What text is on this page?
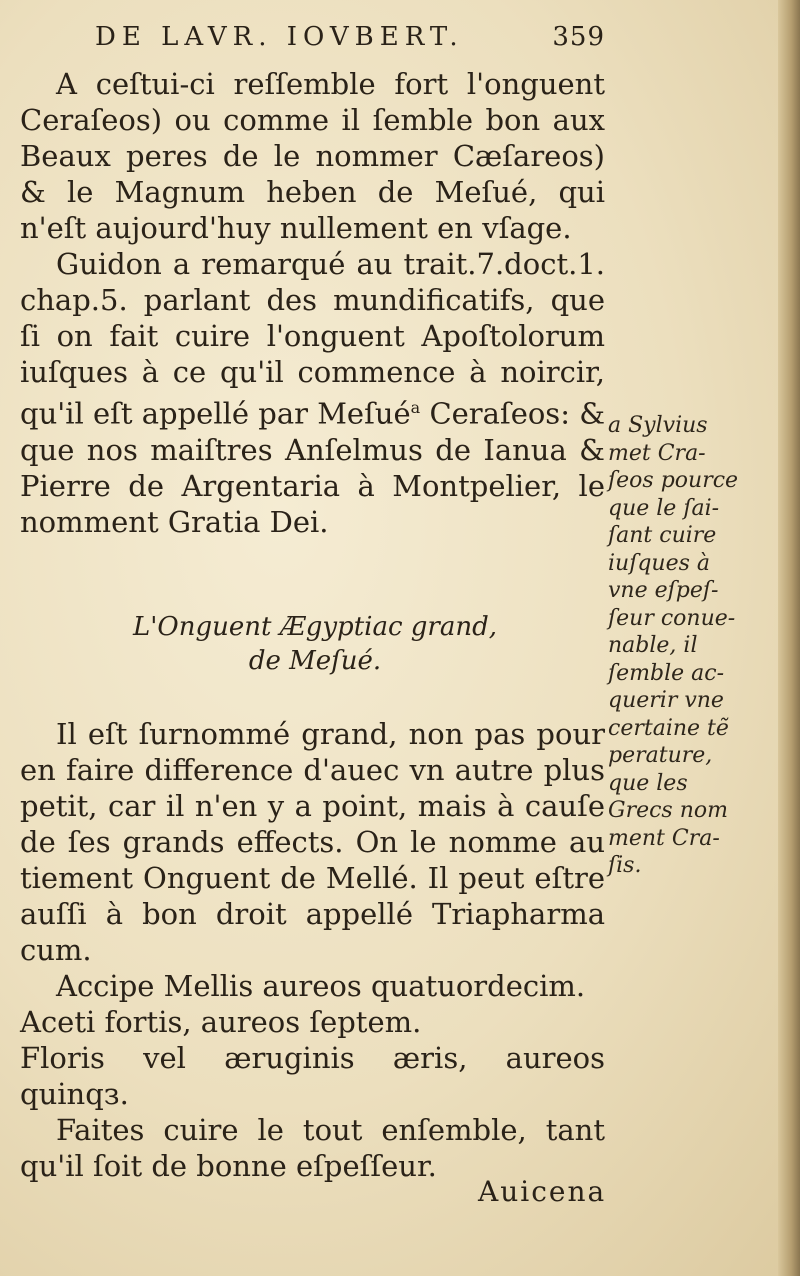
DE LAVR. IOVBERT.	359

A ceſtui-ci reſſemble fort l'onguent Ceraſeos) ou comme il ſemble bon aux Beaux peres de le nommer Cæſareos) & le Magnum heben de Meſué, qui n'eſt aujourd'huy nullement en vſage.

Guidon a remarqué au trait.7.doct.1. chap.5. parlant des mundificatifs, que ſi on fait cuire l'onguent Apoſtolorum iuſques à ce qu'il commence à noircir, qu'il eſt appellé par Meſué$^a$ Ceraſeos: & que nos maiſtres Anſelmus de Ianua & Pierre de Argentaria à Montpelier, le nomment Gratia Dei.

L'Onguent Ægyptiac grand,
de Meſué.

Il eſt ſurnommé grand, non pas pour en faire difference d'auec vn autre plus petit, car il n'en y a point, mais à cauſe de ſes grands effects. On le nomme au tiement Onguent de Mellé. Il peut eſtre auſſi à bon droit appellé Triapharma cum.

Accipe Mellis aureos quatuordecim.

Aceti fortis, aureos ſeptem.

Floris vel æruginis æris, aureos quinqз.

Faites cuire le tout enſemble, tant qu'il ſoit de bonne eſpeſſeur.

Auicena
a Sylvius
met Cra-
ſeos pource
que le ſai-
ſant cuire
iuſques à
vne eſpeſ-
ſeur conue-
nable, il
ſemble ac-
querir vne
certaine tẽ
perature,
que les
Grecs nom
ment Cra-
ſis.
